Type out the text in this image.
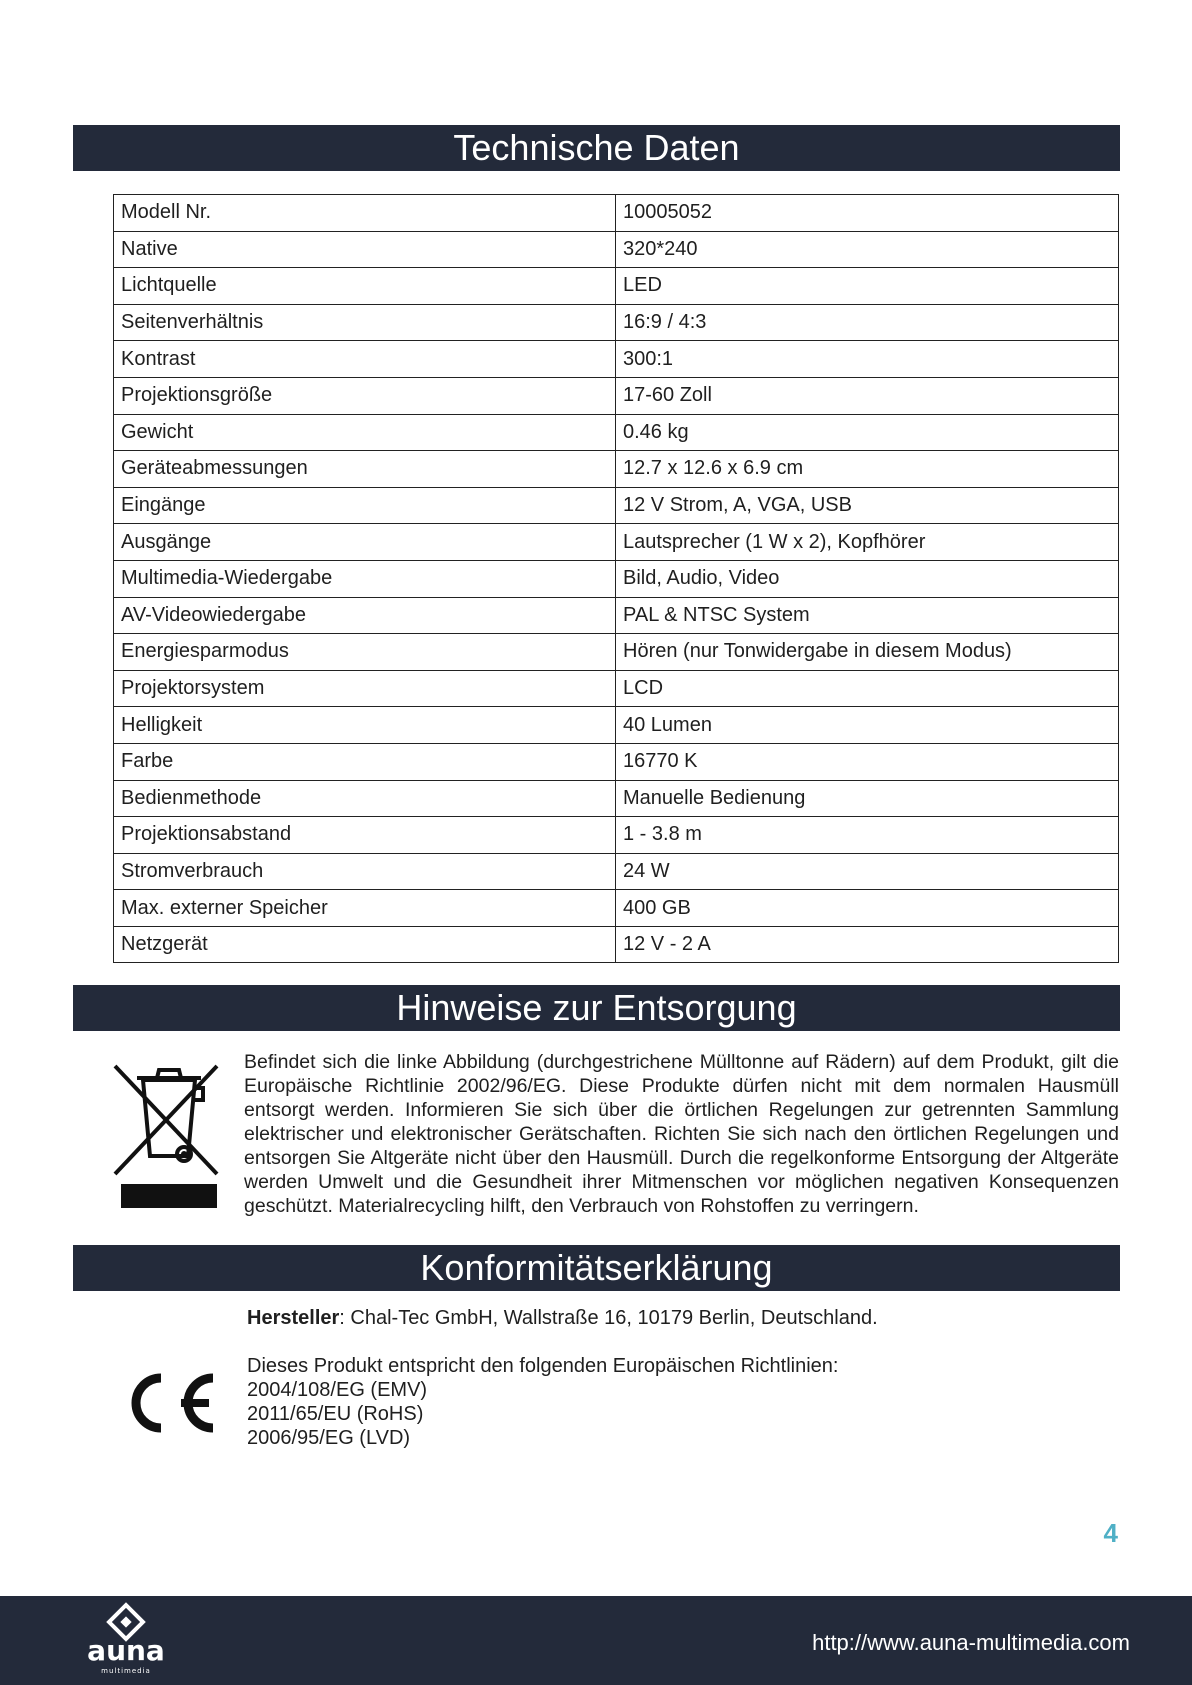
Technische Daten
Modell Nr.	10005052
Native	320*240
Lichtquelle	LED
Seitenverhältnis	16:9 / 4:3
Kontrast	300:1
Projektionsgröße	17-60 Zoll
Gewicht	0.46 kg
Geräteabmessungen	12.7 x 12.6 x 6.9 cm
Eingänge	12 V Strom, A, VGA, USB
Ausgänge	Lautsprecher (1 W x 2), Kopfhörer
Multimedia-Wiedergabe	Bild, Audio, Video
AV-Videowiedergabe	PAL & NTSC System
Energiesparmodus	Hören (nur Tonwidergabe in diesem Modus)
Projektorsystem	LCD
Helligkeit	40 Lumen
Farbe	16770 K
Bedienmethode	Manuelle Bedienung
Projektionsabstand	1 - 3.8 m
Stromverbrauch	24 W
Max. externer Speicher	400 GB
Netzgerät	12 V - 2 A
Hinweise zur Entsorgung
Befindet sich die linke Abbildung (durchgestrichene Mülltonne auf Rädern) auf dem Produkt, gilt die Europäische Richtlinie 2002/96/EG. Diese Produkte dürfen nicht mit dem normalen Hausmüll entsorgt werden. Informieren Sie sich über die örtlichen Regelungen zur getrennten Sammlung elektrischer und elektronischer Gerätschaften. Richten Sie sich nach den örtlichen Regelungen und entsorgen Sie Altgeräte nicht über den Hausmüll. Durch die regelkonforme Entsorgung der Altgeräte werden Umwelt und die Gesundheit ihrer Mitmenschen vor möglichen negativen Konsequenzen geschützt. Materialrecycling hilft, den Verbrauch von Rohstoffen zu verringern.
Konformitätserklärung
Hersteller: Chal-Tec GmbH, Wallstraße 16, 10179 Berlin, Deutschland.
Dieses Produkt entspricht den folgenden Europäischen Richtlinien:
2004/108/EG (EMV)
2011/65/EU (RoHS)
2006/95/EG (LVD)
4
auna
multimedia
http://www.auna-multimedia.com
